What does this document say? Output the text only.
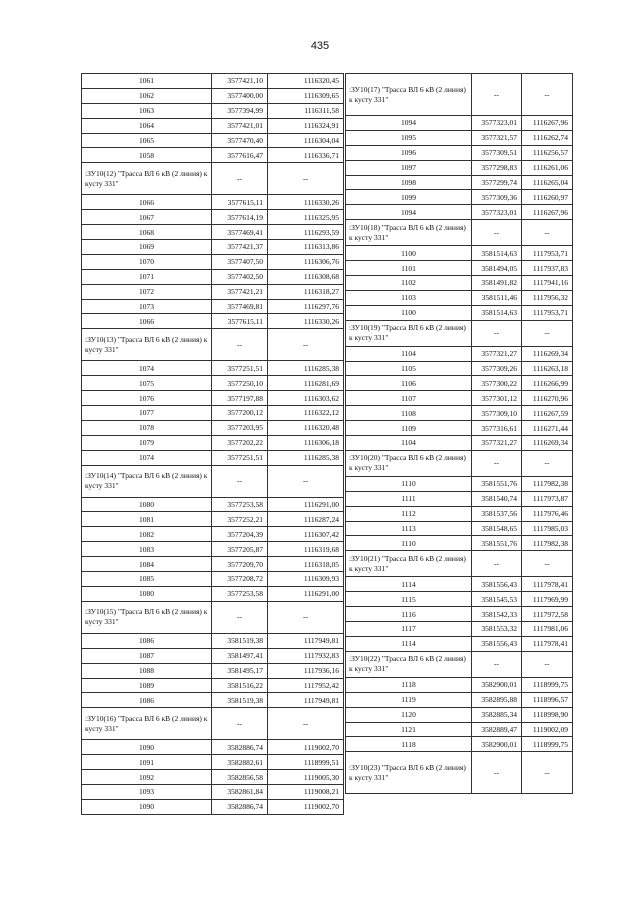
435
1061	3577421,10	1116320,45
1062	3577400,00	1116309,65
1063	3577394,99	1116311,58
1064	3577421,01	1116324,91
1065	3577470,40	1116304,04
1058	3577616,47	1116336,71
:ЗУ10(12) "Трасса ВЛ 6 кВ (2 линия) к кусту 331"	--	--
1066	3577615,11	1116330,26
1067	3577614,19	1116325,95
1068	3577469,41	1116293,59
1069	3577421,37	1116313,86
1070	3577407,50	1116306,76
1071	3577402,50	1116308,68
1072	3577421,21	1116318,27
1073	3577469,81	1116297,76
1066	3577615,11	1116330,26
:ЗУ10(13) "Трасса ВЛ 6 кВ (2 линия) к кусту 331"	--	--
1074	3577251,51	1116285,38
1075	3577250,10	1116281,69
1076	3577197,88	1116303,62
1077	3577200,12	1116322,12
1078	3577203,95	1116320,48
1079	3577202,22	1116306,18
1074	3577251,51	1116285,38
:ЗУ10(14) "Трасса ВЛ 6 кВ (2 линия) к кусту 331"	--	--
1080	3577253,58	1116291,00
1081	3577252,21	1116287,24
1082	3577204,39	1116307,42
1083	3577205,87	1116319,68
1084	3577209,70	1116318,05
1085	3577208,72	1116309,93
1080	3577253,58	1116291,00
:ЗУ10(15) "Трасса ВЛ 6 кВ (2 линия) к кусту 331"	--	--
1086	3581519,38	1117949,81
1087	3581497,41	1117932,83
1088	3581495,17	1117936,16
1089	3581516,22	1117952,42
1086	3581519,38	1117949,81
:ЗУ10(16) "Трасса ВЛ 6 кВ (2 линия) к кусту 331"	--	--
1090	3582886,74	1119002,70
1091	3582882,61	1118999,51
1092	3582856,58	1119005,30
1093	3582861,84	1119008,21
1090	3582886,74	1119002,70
:ЗУ10(17) "Трасса ВЛ 6 кВ (2 линия) к кусту 331"	--	--
1094	3577323,01	1116267,96
1095	3577321,57	1116262,74
1096	3577309,51	1116256,57
1097	3577298,83	1116261,06
1098	3577299,74	1116265,04
1099	3577309,36	1116260,97
1094	3577323,01	1116267,96
:ЗУ10(18) "Трасса ВЛ 6 кВ (2 линия) к кусту 331"	--	--
1100	3581514,63	1117953,71
1101	3581494,05	1117937,83
1102	3581491,82	1117941,16
1103	3581511,46	1117956,32
1100	3581514,63	1117953,71
:ЗУ10(19) "Трасса ВЛ 6 кВ (2 линия) к кусту 331"	--	--
1104	3577321,27	1116269,34
1105	3577309,26	1116263,18
1106	3577300,22	1116266,99
1107	3577301,12	1116270,96
1108	3577309,10	1116267,59
1109	3577316,61	1116271,44
1104	3577321,27	1116269,34
:ЗУ10(20) "Трасса ВЛ 6 кВ (2 линия) к кусту 331"	--	--
1110	3581551,76	1117982,38
1111	3581540,74	1117973,87
1112	3581537,56	1117976,46
1113	3581548,65	1117985,03
1110	3581551,76	1117982,38
:ЗУ10(21) "Трасса ВЛ 6 кВ (2 линия) к кусту 331"	--	--
1114	3581556,43	1117978,41
1115	3581545,53	1117969,99
1116	3581542,33	1117972,58
1117	3581553,32	1117981,06
1114	3581556,43	1117978,41
:ЗУ10(22) "Трасса ВЛ 6 кВ (2 линия) к кусту 331"	--	--
1118	3582900,01	1118999,75
1119	3582895,88	1118996,57
1120	3582885,34	1118998,90
1121	3582889,47	1119002,09
1118	3582900,01	1118999,75
:ЗУ10(23) "Трасса ВЛ 6 кВ (2 линия) к кусту 331"	--	--
